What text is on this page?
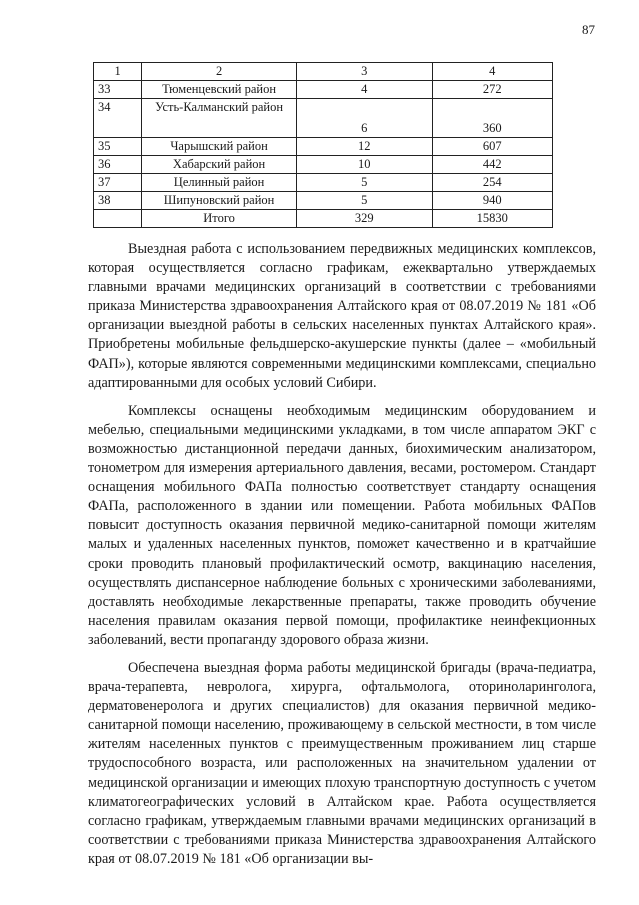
87
1	2	3	4
33	Тюменцевский район	4	272
34	Усть-Калманский район	6	360
35	Чарышский район	12	607
36	Хабарский район	10	442
37	Целинный район	5	254
38	Шипуновский район	5	940
	Итого	329	15830

Выездная работа с использованием передвижных медицинских комплексов, которая осуществляется согласно графикам, ежеквартально утверждаемых главными врачами медицинских организаций в соответствии с требованиями приказа Министерства здравоохранения Алтайского края от 08.07.2019 № 181 «Об организации выездной работы в сельских населенных пунктах Алтайского края». Приобретены мобильные фельдшерско-акушерские пункты (далее – «мобильный ФАП»), которые являются современными медицинскими комплексами, специально адаптированными для особых условий Сибири.

Комплексы оснащены необходимым медицинским оборудованием и мебелью, специальными медицинскими укладками, в том числе аппаратом ЭКГ с возможностью дистанционной передачи данных, биохимическим анализатором, тонометром для измерения артериального давления, весами, ростомером. Стандарт оснащения мобильного ФАПа полностью соответствует стандарту оснащения ФАПа, расположенного в здании или помещении. Работа мобильных ФАПов повысит доступность оказания первичной медико-санитарной помощи жителям малых и удаленных населенных пунктов, поможет качественно и в кратчайшие сроки проводить плановый профилактический осмотр, вакцинацию населения, осуществлять диспансерное наблюдение больных с хроническими заболеваниями, доставлять необходимые лекарственные препараты, также проводить обучение населения правилам оказания первой помощи, профилактике неинфекционных заболеваний, вести пропаганду здорового образа жизни.

Обеспечена выездная форма работы медицинской бригады (врача-педиатра, врача-терапевта, невролога, хирурга, офтальмолога, оториноларинголога, дерматовенеролога и других специалистов) для оказания первичной медико-санитарной помощи населению, проживающему в сельской местности, в том числе жителям населенных пунктов с преимущественным проживанием лиц старше трудоспособного возраста, или расположенных на значительном удалении от медицинской организации и имеющих плохую транспортную доступность с учетом климатогеографических условий в Алтайском крае. Работа осуществляется согласно графикам, утверждаемым главными врачами медицинских организаций в соответствии с требованиями приказа Министерства здравоохранения Алтайского края от 08.07.2019 № 181 «Об организации вы-
